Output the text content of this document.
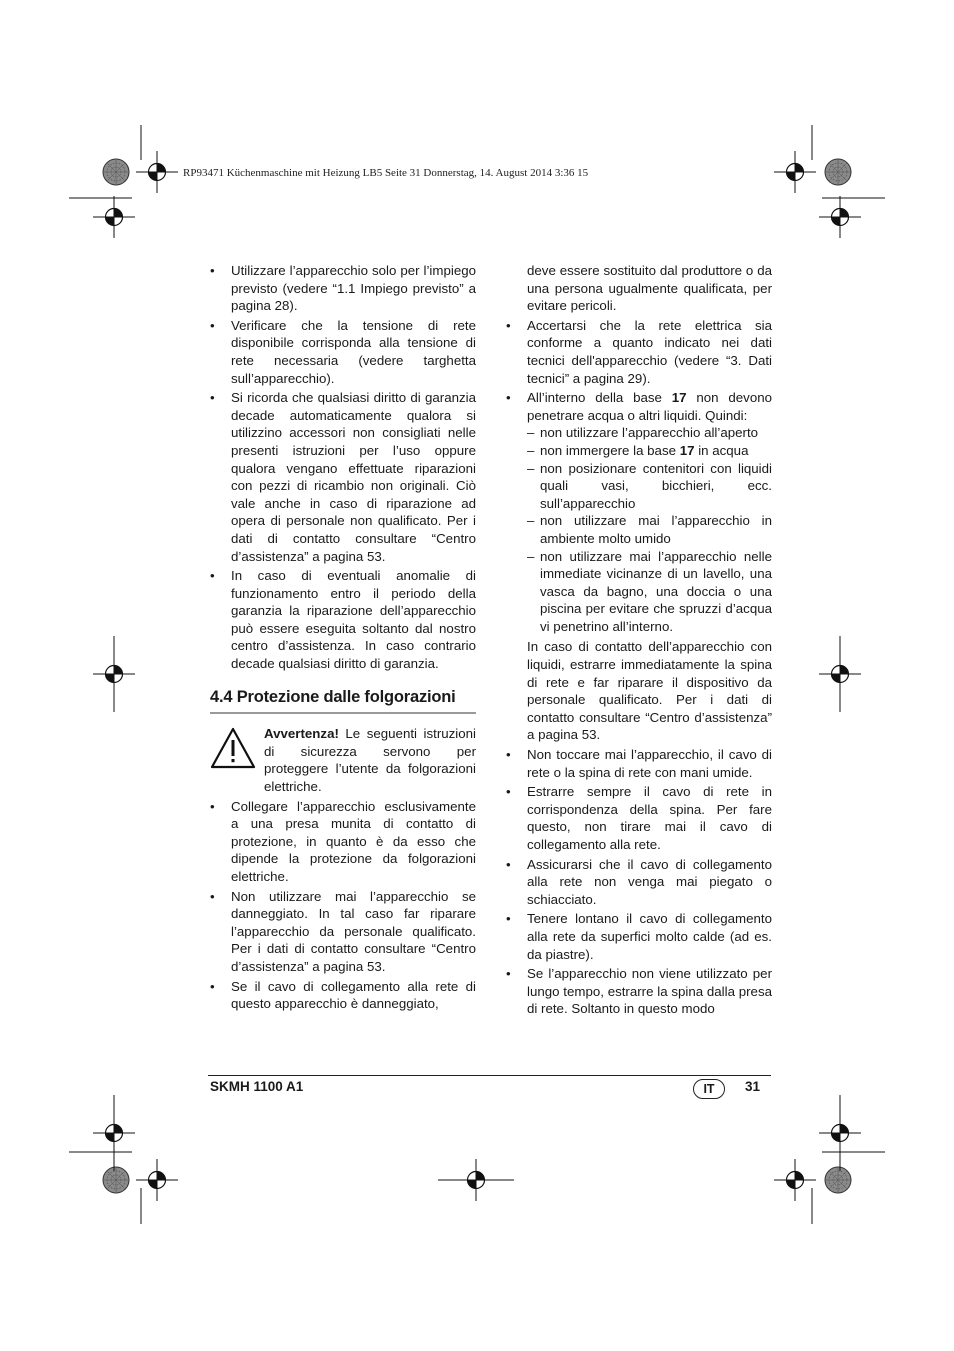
RP93471 Küchenmaschine mit Heizung LB5 Seite 31 Donnerstag, 14. August 2014 3:36 15
• Utilizzare l’apparecchio solo per l’impiego previsto (vedere “1.1 Impiego previsto” a pagina 28).
• Verificare che la tensione di rete disponibile corrisponda alla tensione di rete necessaria (vedere targhetta sull’apparecchio).
• Si ricorda che qualsiasi diritto di garanzia decade automaticamente qualora si utilizzino accessori non consigliati nelle presenti istruzioni per l’uso oppure qualora vengano effettuate riparazioni con pezzi di ricambio non originali. Ciò vale anche in caso di riparazione ad opera di personale non qualificato. Per i dati di contatto consultare “Centro d’assistenza” a pagina 53.
• In caso di eventuali anomalie di funzionamento entro il periodo della garanzia la riparazione dell’apparecchio può essere eseguita soltanto dal nostro centro d’assistenza. In caso contrario decade qualsiasi diritto di garanzia.
4.4 Protezione dalle folgorazioni
Avvertenza! Le seguenti istruzioni di sicurezza servono per proteggere l’utente da folgorazioni elettriche.
• Collegare l’apparecchio esclusivamente a una presa munita di contatto di protezione, in quanto è da esso che dipende la protezione da folgorazioni elettriche.
• Non utilizzare mai l’apparecchio se danneggiato. In tal caso far riparare l’apparecchio da personale qualificato. Per i dati di contatto consultare “Centro d’assistenza” a pagina 53.
• Se il cavo di collegamento alla rete di questo apparecchio è danneggiato,

deve essere sostituito dal produttore o da una persona ugualmente qualificata, per evitare pericoli.

• Accertarsi che la rete elettrica sia conforme a quanto indicato nei dati tecnici dell'apparecchio (vedere “3. Dati tecnici” a pagina 29).
• All’interno della base 17 non devono penetrare acqua o altri liquidi. Quindi:
– non utilizzare l’apparecchio all’aperto
– non immergere la base 17 in acqua
– non posizionare contenitori con liquidi quali vasi, bicchieri, ecc. sull’apparecchio
– non utilizzare mai l’apparecchio in ambiente molto umido
– non utilizzare mai l’apparecchio nelle immediate vicinanze di un lavello, una vasca da bagno, una doccia o una piscina per evitare che spruzzi d’acqua vi penetrino all’interno.

In caso di contatto dell’apparecchio con liquidi, estrarre immediatamente la spina di rete e far riparare il dispositivo da personale qualificato. Per i dati di contatto consultare “Centro d’assistenza” a pagina 53.

• Non toccare mai l’apparecchio, il cavo di rete o la spina di rete con mani umide.
• Estrarre sempre il cavo di rete in corrispondenza della spina. Per fare questo, non tirare mai il cavo di collegamento alla rete.
• Assicurarsi che il cavo di collegamento alla rete non venga mai piegato o schiacciato.
• Tenere lontano il cavo di collegamento alla rete da superfici molto calde (ad es. da piastre).
• Se l’apparecchio non viene utilizzato per lungo tempo, estrarre la spina dalla presa di rete. Soltanto in questo modo
SKMH 1100 A1	IT	31
